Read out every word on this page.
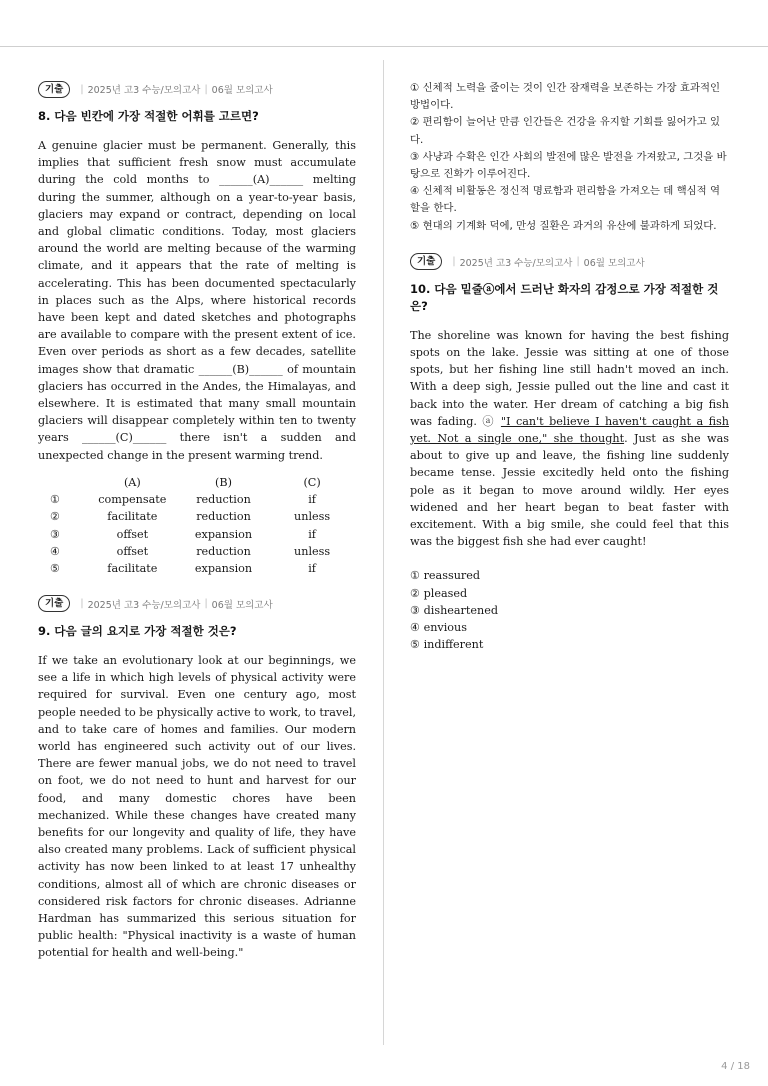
기출	| 2025년 고3 수능/모의고사 | 06월 모의고사
8. 다음 빈칸에 가장 적절한 어휘를 고르면?

A genuine glacier must be permanent. Generally, this implies that sufficient fresh snow must accumulate during the cold months to ______(A)______ melting during the summer, although on a year-to-year basis, glaciers may expand or contract, depending on local and global climatic conditions. Today, most glaciers around the world are melting because of the warming climate, and it appears that the rate of melting is accelerating. This has been documented spectacularly in places such as the Alps, where historical records have been kept and dated sketches and photographs are available to compare with the present extent of ice. Even over periods as short as a few decades, satellite images show that dramatic ______(B)______ of mountain glaciers has occurred in the Andes, the Himalayas, and elsewhere. It is estimated that many small mountain glaciers will disappear completely within ten to twenty years ______(C)______ there isn't a sudden and unexpected change in the present warming trend.

	(A)	(B)	(C)
①	compensate	reduction	if
②	facilitate	reduction	unless
③	offset	expansion	if
④	offset	reduction	unless
⑤	facilitate	expansion	if
기출	| 2025년 고3 수능/모의고사 | 06월 모의고사
9. 다음 글의 요지로 가장 적절한 것은?

If we take an evolutionary look at our beginnings, we see a life in which high levels of physical activity were required for survival. Even one century ago, most people needed to be physically active to work, to travel, and to take care of homes and families. Our modern world has engineered such activity out of our lives. There are fewer manual jobs, we do not need to travel on foot, we do not need to hunt and harvest for our food, and many domestic chores have been mechanized. While these changes have created many benefits for our longevity and quality of life, they have also created many problems. Lack of sufficient physical activity has now been linked to at least 17 unhealthy conditions, almost all of which are chronic diseases or considered risk factors for chronic diseases. Adrianne Hardman has summarized this serious situation for public health: "Physical inactivity is a waste of human potential for health and well-being."

① 신체적 노력을 줄이는 것이 인간 잠재력을 보존하는 가장 효과적인 방법이다.

② 편리함이 늘어난 만큼 인간들은 건강을 유지할 기회를 잃어가고 있다.

③ 사냥과 수확은 인간 사회의 발전에 많은 발전을 가져왔고, 그것을 바탕으로 진화가 이루어진다.

④ 신체적 비활동은 정신적 명료함과 편리함을 가져오는 데 핵심적 역할을 한다.

⑤ 현대의 기계화 덕에, 만성 질환은 과거의 유산에 불과하게 되었다.

기출	| 2025년 고3 수능/모의고사 | 06월 모의고사
10. 다음 밑줄ⓐ에서 드러난 화자의 감정으로 가장 적절한 것은?

The shoreline was known for having the best fishing spots on the lake. Jessie was sitting at one of those spots, but her fishing line still hadn't moved an inch. With a deep sigh, Jessie pulled out the line and cast it back into the water. Her dream of catching a big fish was fading. ⓐ "I can't believe I haven't caught a fish yet. Not a single one," she thought. Just as she was about to give up and leave, the fishing line suddenly became tense. Jessie excitedly held onto the fishing pole as it began to move around wildly. Her eyes widened and her heart began to beat faster with excitement. With a big smile, she could feel that this was the biggest fish she had ever caught!

① reassured

② pleased

③ disheartened

④ envious

⑤ indifferent

4 / 18
